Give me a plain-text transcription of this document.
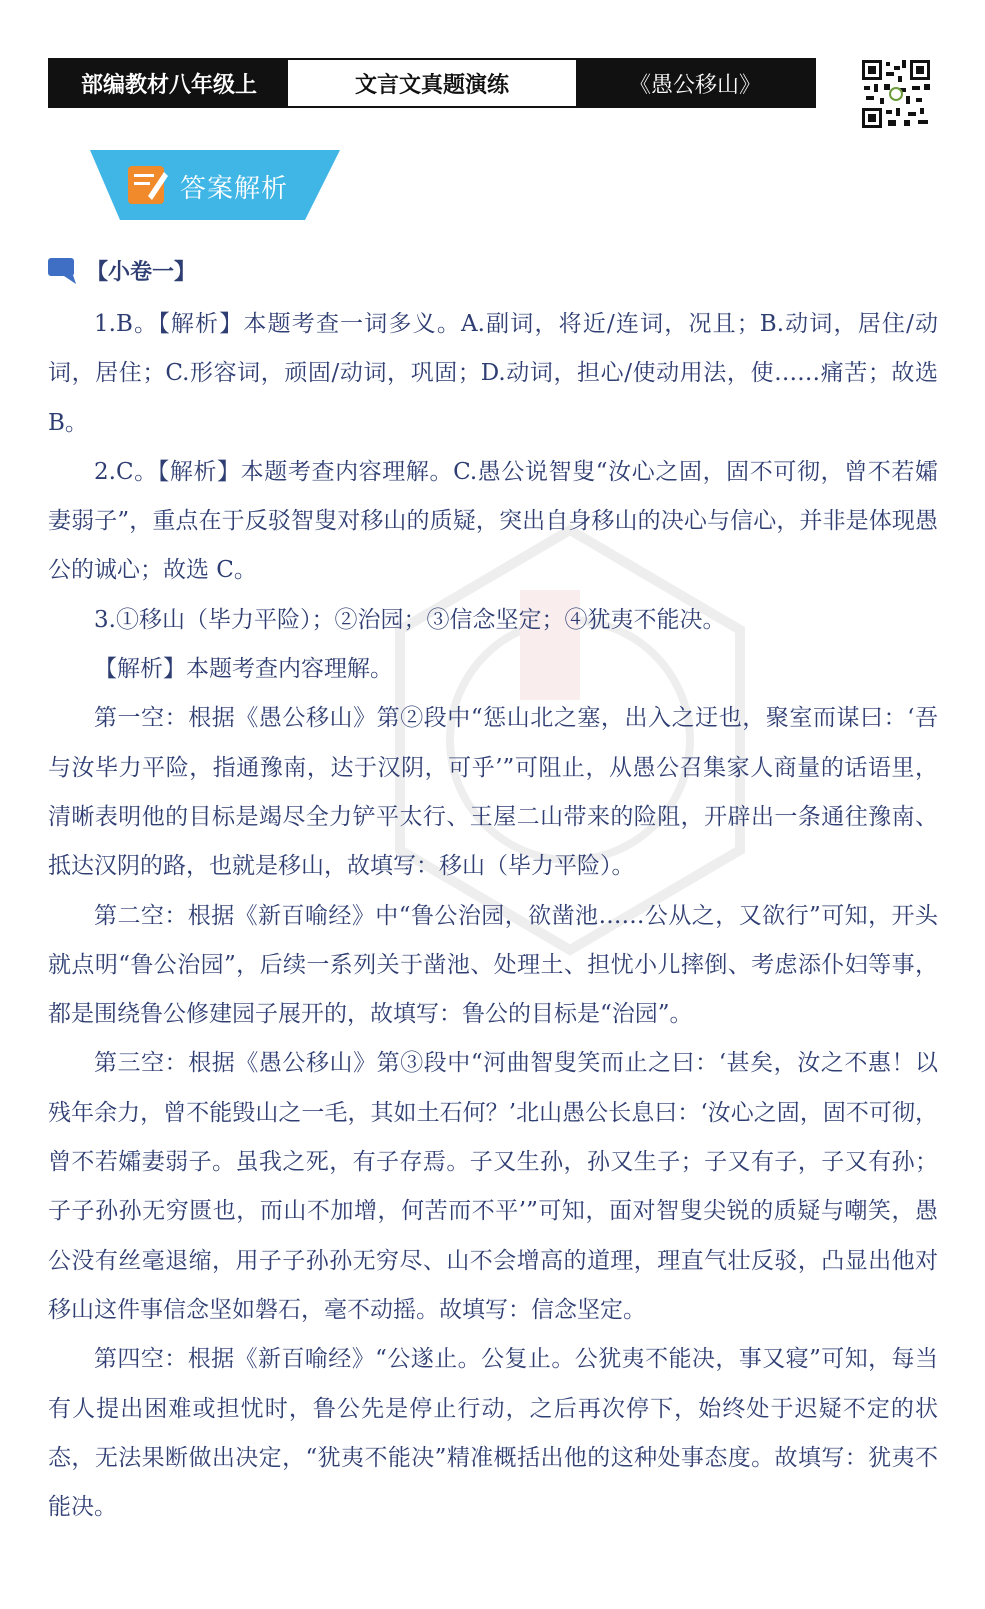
部编教材八年级上	文言文真题演练	《愚公移山》
答案解析
【小卷一】

1.B。【解析】本题考查一词多义。A.副词，将近/连词，况且；B.动词，居住/动词，居住；C.形容词，顽固/动词，巩固；D.动词，担心/使动用法，使……痛苦；故选 B。

2.C。【解析】本题考查内容理解。C.愚公说智叟“汝心之固，固不可彻，曾不若孀妻弱子”，重点在于反驳智叟对移山的质疑，突出自身移山的决心与信心，并非是体现愚公的诚心；故选 C。

3.①移山（毕力平险）；②治园；③信念坚定；④犹夷不能决。

【解析】本题考查内容理解。

第一空：根据《愚公移山》第②段中“惩山北之塞，出入之迂也，聚室而谋曰：‘吾与汝毕力平险，指通豫南，达于汉阴，可乎’”可阻止，从愚公召集家人商量的话语里，清晰表明他的目标是竭尽全力铲平太行、王屋二山带来的险阻，开辟出一条通往豫南、抵达汉阴的路，也就是移山，故填写：移山（毕力平险）。

第二空：根据《新百喻经》中“鲁公治园，欲凿池……公从之，又欲行”可知，开头就点明“鲁公治园”，后续一系列关于凿池、处理土、担忧小儿摔倒、考虑添仆妇等事，都是围绕鲁公修建园子展开的，故填写：鲁公的目标是“治园”。

第三空：根据《愚公移山》第③段中“河曲智叟笑而止之曰：‘甚矣，汝之不惠！以残年余力，曾不能毁山之一毛，其如土石何？’北山愚公长息曰：‘汝心之固，固不可彻，曾不若孀妻弱子。虽我之死，有子存焉。子又生孙，孙又生子；子又有子，子又有孙；子子孙孙无穷匮也，而山不加增，何苦而不平’”可知，面对智叟尖锐的质疑与嘲笑，愚公没有丝毫退缩，用子子孙孙无穷尽、山不会增高的道理，理直气壮反驳，凸显出他对移山这件事信念坚如磐石，毫不动摇。故填写：信念坚定。

第四空：根据《新百喻经》“公遂止。公复止。公犹夷不能决，事又寝”可知，每当有人提出困难或担忧时，鲁公先是停止行动，之后再次停下，始终处于迟疑不定的状态，无法果断做出决定，“犹夷不能决”精准概括出他的这种处事态度。故填写：犹夷不能决。
